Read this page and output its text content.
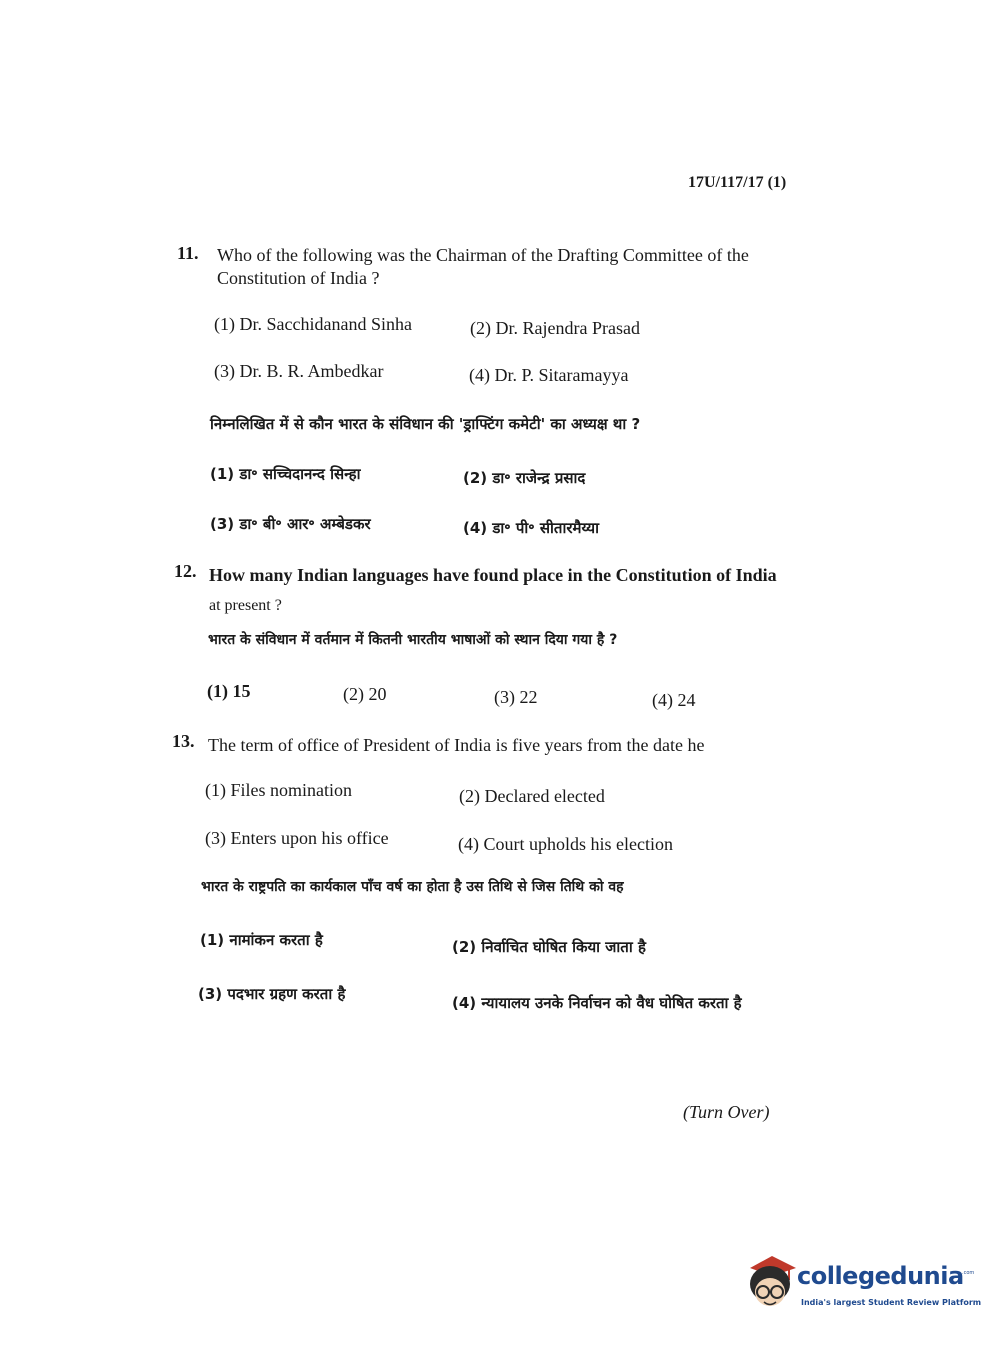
17U/117/17 (1)
11. Who of the following was the Chairman of the Drafting Committee of the
Constitution of India ?
(1) Dr. Sacchidanand Sinha	(2) Dr. Rajendra Prasad
(3) Dr. B. R. Ambedkar	(4) Dr. P. Sitaramayya
निम्नलिखित में से कौन भारत के संविधान की 'ड्राफ्टिंग कमेटी' का अध्यक्ष था ?
(1) डा॰ सच्चिदानन्द सिन्हा	(2) डा॰ राजेन्द्र प्रसाद
(3) डा॰ बी॰ आर॰ अम्बेडकर	(4) डा॰ पी॰ सीतारमैय्या
12. How many Indian languages have found place in the Constitution of India
at present ?
भारत के संविधान में वर्तमान में कितनी भारतीय भाषाओं को स्थान दिया गया है ?
(1) 15	(2) 20	(3) 22	(4) 24
13. The term of office of President of India is five years from the date he
(1) Files nomination	(2) Declared elected
(3) Enters upon his office	(4) Court upholds his election
भारत के राष्ट्रपति का कार्यकाल पाँच वर्ष का होता है उस तिथि से जिस तिथि को वह
(1) नामांकन करता है	(2) निर्वाचित घोषित किया जाता है
(3) पदभार ग्रहण करता है	(4) न्यायालय उनके निर्वाचन को वैध घोषित करता है
(Turn Over)
collegedunia
.com
India's largest Student Review Platform
